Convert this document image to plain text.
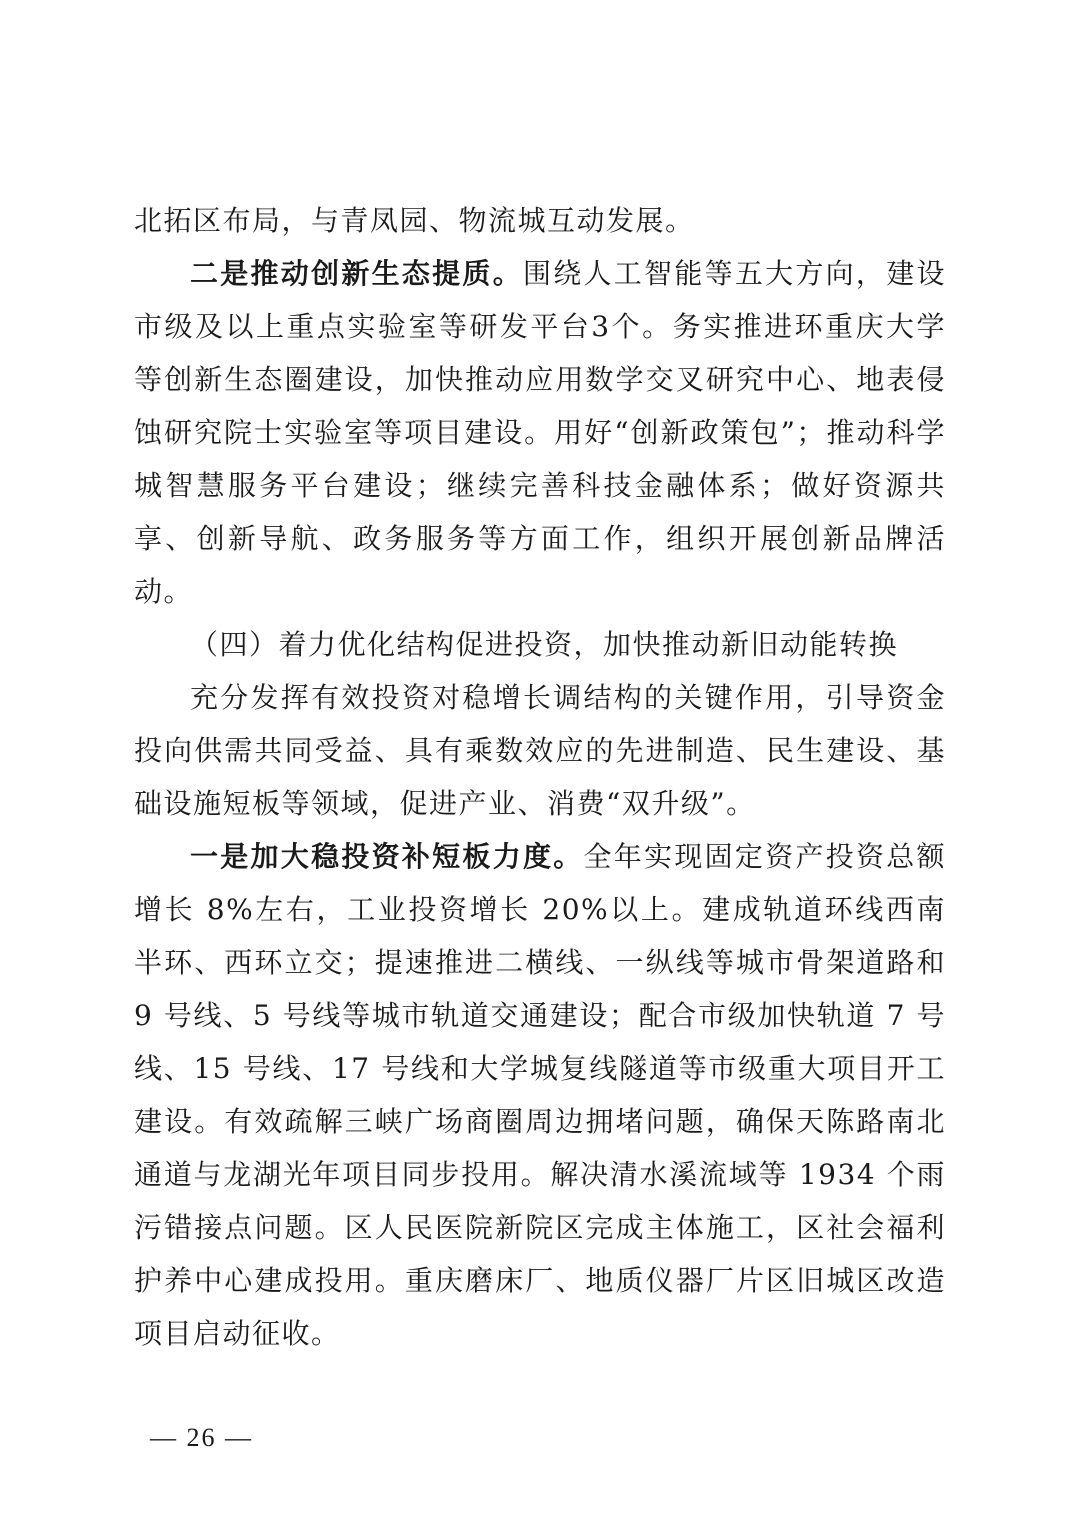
北拓区布局，与青凤园、物流城互动发展。

二是推动创新生态提质。围绕人工智能等五大方向，建设市级及以上重点实验室等研发平台3个。务实推进环重庆大学等创新生态圈建设，加快推动应用数学交叉研究中心、地表侵蚀研究院士实验室等项目建设。用好“创新政策包”；推动科学城智慧服务平台建设；继续完善科技金融体系；做好资源共享、创新导航、政务服务等方面工作，组织开展创新品牌活动。

（四）着力优化结构促进投资，加快推动新旧动能转换

充分发挥有效投资对稳增长调结构的关键作用，引导资金投向供需共同受益、具有乘数效应的先进制造、民生建设、基础设施短板等领域，促进产业、消费“双升级”。

一是加大稳投资补短板力度。全年实现固定资产投资总额增长 8%左右，工业投资增长 20%以上。建成轨道环线西南半环、西环立交；提速推进二横线、一纵线等城市骨架道路和 9 号线、5 号线等城市轨道交通建设；配合市级加快轨道 7 号线、15 号线、17 号线和大学城复线隧道等市级重大项目开工建设。有效疏解三峡广场商圈周边拥堵问题，确保天陈路南北通道与龙湖光年项目同步投用。解决清水溪流域等 1934 个雨污错接点问题。区人民医院新院区完成主体施工，区社会福利护养中心建成投用。重庆磨床厂、地质仪器厂片区旧城区改造项目启动征收。

— 26 —
